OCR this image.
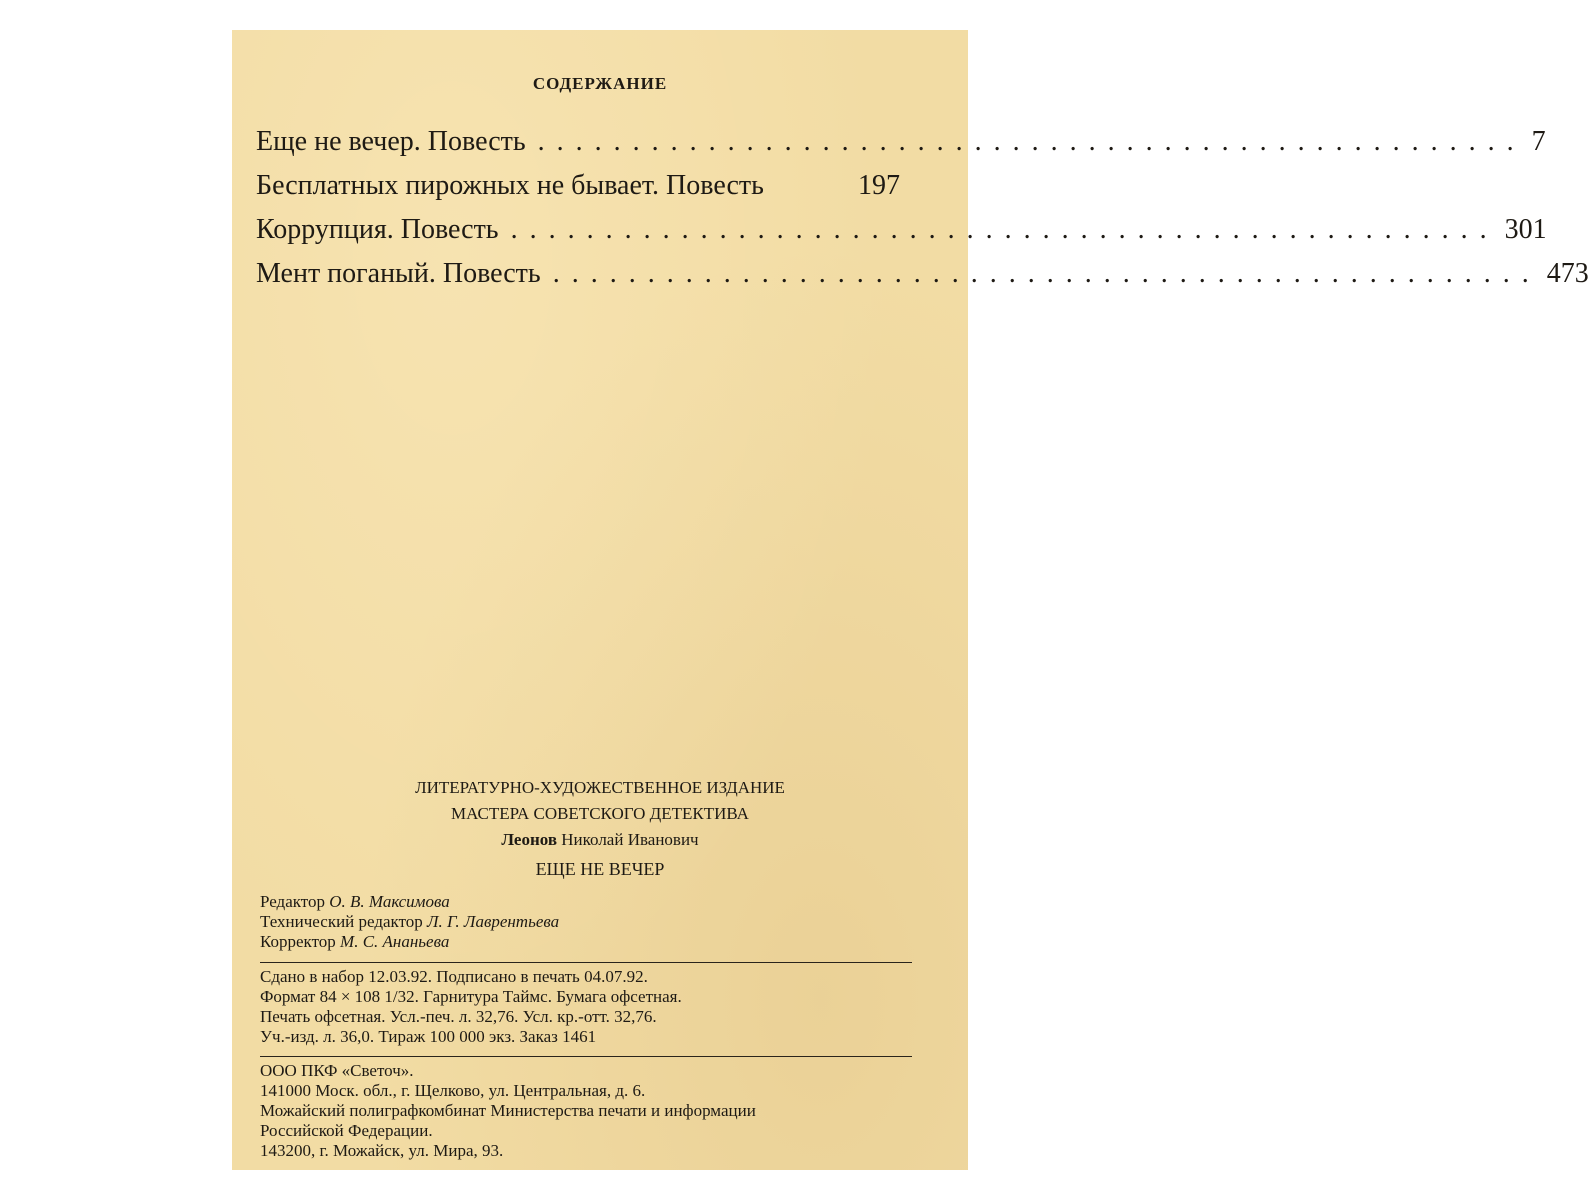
СОДЕРЖАНИЕ
Еще не вечер. Повесть .................................................... 7
Бесплатных пирожных не бывает. Повесть	197
Коррупция. Повесть .................................................... 301
Мент поганый. Повесть .................................................... 473
ЛИТЕРАТУРНО-ХУДОЖЕСТВЕННОЕ ИЗДАНИЕ
МАСТЕРА СОВЕТСКОГО ДЕТЕКТИВА
Леонов Николай Иванович
ЕЩЕ НЕ ВЕЧЕР
Редактор О. В. Максимова
Технический редактор Л. Г. Лаврентьева
Корректор М. С. Ананьева
Сдано в набор 12.03.92. Подписано в печать 04.07.92.
Формат 84 × 108 1/32. Гарнитура Таймс. Бумага офсетная.
Печать офсетная. Усл.-печ. л. 32,76. Усл. кр.-отт. 32,76.
Уч.-изд. л. 36,0. Тираж 100 000 экз. Заказ 1461
ООО ПКФ «Светоч».
141000 Моск. обл., г. Щелково, ул. Центральная, д. 6.
Можайский полиграфкомбинат Министерства печати и информации
Российской Федерации.
143200, г. Можайск, ул. Мира, 93.
